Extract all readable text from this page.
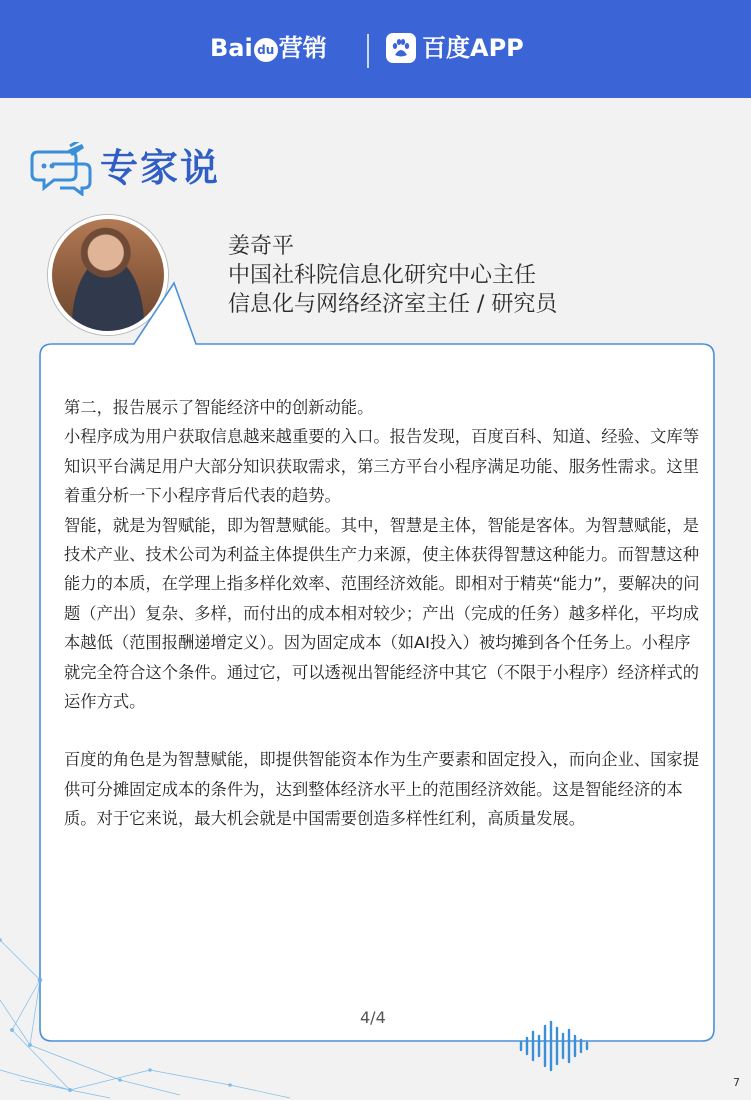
Bai du 营销	百度APP
专家说
姜奇平
中国社科院信息化研究中心主任
信息化与网络经济室主任 / 研究员

第二，报告展示了智能经济中的创新动能。

小程序成为用户获取信息越来越重要的入口。报告发现，百度百科、知道、经验、文库等知识平台满足用户大部分知识获取需求，第三方平台小程序满足功能、服务性需求。这里着重分析一下小程序背后代表的趋势。

智能，就是为智赋能，即为智慧赋能。其中，智慧是主体，智能是客体。为智慧赋能，是技术产业、技术公司为利益主体提供生产力来源，使主体获得智慧这种能力。而智慧这种能力的本质，在学理上指多样化效率、范围经济效能。即相对于精英“能力”，要解决的问题（产出）复杂、多样，而付出的成本相对较少；产出（完成的任务）越多样化，平均成本越低（范围报酬递增定义）。因为固定成本（如AI投入）被均摊到各个任务上。小程序就完全符合这个条件。通过它，可以透视出智能经济中其它（不限于小程序）经济样式的运作方式。

百度的角色是为智慧赋能，即提供智能资本作为生产要素和固定投入，而向企业、国家提供可分摊固定成本的条件为，达到整体经济水平上的范围经济效能。这是智能经济的本质。对于它来说，最大机会就是中国需要创造多样性红利，高质量发展。

4/4
7
